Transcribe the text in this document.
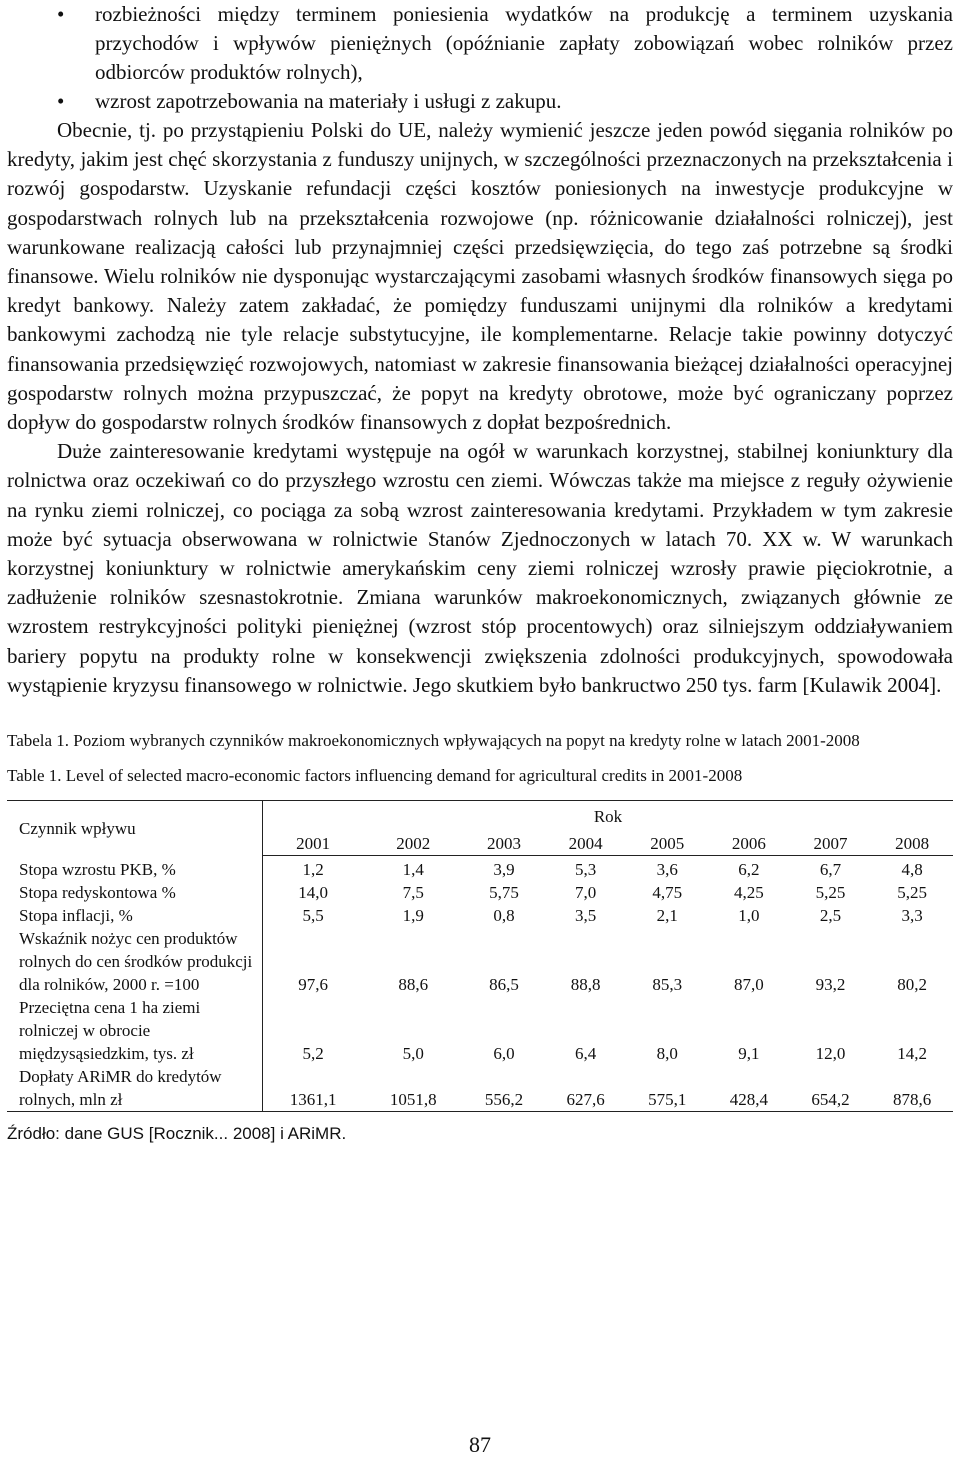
• rozbieżności między terminem poniesienia wydatków na produkcję a terminem uzyskania przychodów i wpływów pieniężnych (opóźnianie zapłaty zobowiązań wobec rolników przez odbiorców produktów rolnych),
• wzrost zapotrzebowania na materiały i usługi z zakupu.

Obecnie, tj. po przystąpieniu Polski do UE, należy wymienić jeszcze jeden powód sięgania rolników po kredyty, jakim jest chęć skorzystania z funduszy unijnych, w szczególności przeznaczonych na przekształcenia i rozwój gospodarstw. Uzyskanie refundacji części kosztów poniesionych na inwestycje produkcyjne w gospodarstwach rolnych lub na przekształcenia rozwojowe (np. różnicowanie działalności rolniczej), jest warunkowane realizacją całości lub przynajmniej części przedsięwzięcia, do tego zaś potrzebne są środki finansowe. Wielu rolników nie dysponując wystarczającymi zasobami własnych środków finansowych sięga po kredyt bankowy. Należy zatem zakładać, że pomiędzy funduszami unijnymi dla rolników a kredytami bankowymi zachodzą nie tyle relacje substytucyjne, ile komplementarne. Relacje takie powinny dotyczyć finansowania przedsięwzięć rozwojowych, natomiast w zakresie finansowania bieżącej działalności operacyjnej gospodarstw rolnych można przypuszczać, że popyt na kredyty obrotowe, może być ograniczany poprzez dopływ do gospodarstw rolnych środków finansowych z dopłat bezpośrednich.

Duże zainteresowanie kredytami występuje na ogół w warunkach korzystnej, stabilnej koniunktury dla rolnictwa oraz oczekiwań co do przyszłego wzrostu cen ziemi. Wówczas także ma miejsce z reguły ożywienie na rynku ziemi rolniczej, co pociąga za sobą wzrost zainteresowania kredytami. Przykładem w tym zakresie może być sytuacja obserwowana w rolnictwie Stanów Zjednoczonych w latach 70. XX w. W warunkach korzystnej koniunktury w rolnictwie amerykańskim ceny ziemi rolniczej wzrosły prawie pięciokrotnie, a zadłużenie rolników szesnastokrotnie. Zmiana warunków makroekonomicznych, związanych głównie ze wzrostem restrykcyjności polityki pieniężnej (wzrost stóp procentowych) oraz silniejszym oddziaływaniem bariery popytu na produkty rolne w konsekwencji zwiększenia zdolności produkcyjnych, spowodowała wystąpienie kryzysu finansowego w rolnictwie. Jego skutkiem było bankructwo 250 tys. farm [Kulawik 2004].

Tabela 1. Poziom wybranych czynników makroekonomicznych wpływających na popyt na kredyty rolne w latach 2001-2008

Table 1. Level of selected macro-economic factors influencing demand for agricultural credits in 2001-2008

Czynnik wpływu	Rok							
	2001	2002	2003	2004	2005	2006	2007	2008
Stopa wzrostu PKB, %	1,2	1,4	3,9	5,3	3,6	6,2	6,7	4,8
Stopa redyskontowa %	14,0	7,5	5,75	7,0	4,75	4,25	5,25	5,25
Stopa inflacji, %	5,5	1,9	0,8	3,5	2,1	1,0	2,5	3,3
Wskaźnik nożyc cen produktów rolnych do cen środków produkcji dla rolników, 2000 r. =100	97,6	88,6	86,5	88,8	85,3	87,0	93,2	80,2
Przeciętna cena 1 ha ziemi rolniczej w obrocie międzysąsiedzkim, tys. zł	5,2	5,0	6,0	6,4	8,0	9,1	12,0	14,2
Dopłaty ARiMR do kredytów rolnych, mln zł	1361,1	1051,8	556,2	627,6	575,1	428,4	654,2	878,6
Źródło: dane GUS [Rocznik... 2008] i ARiMR.
87
